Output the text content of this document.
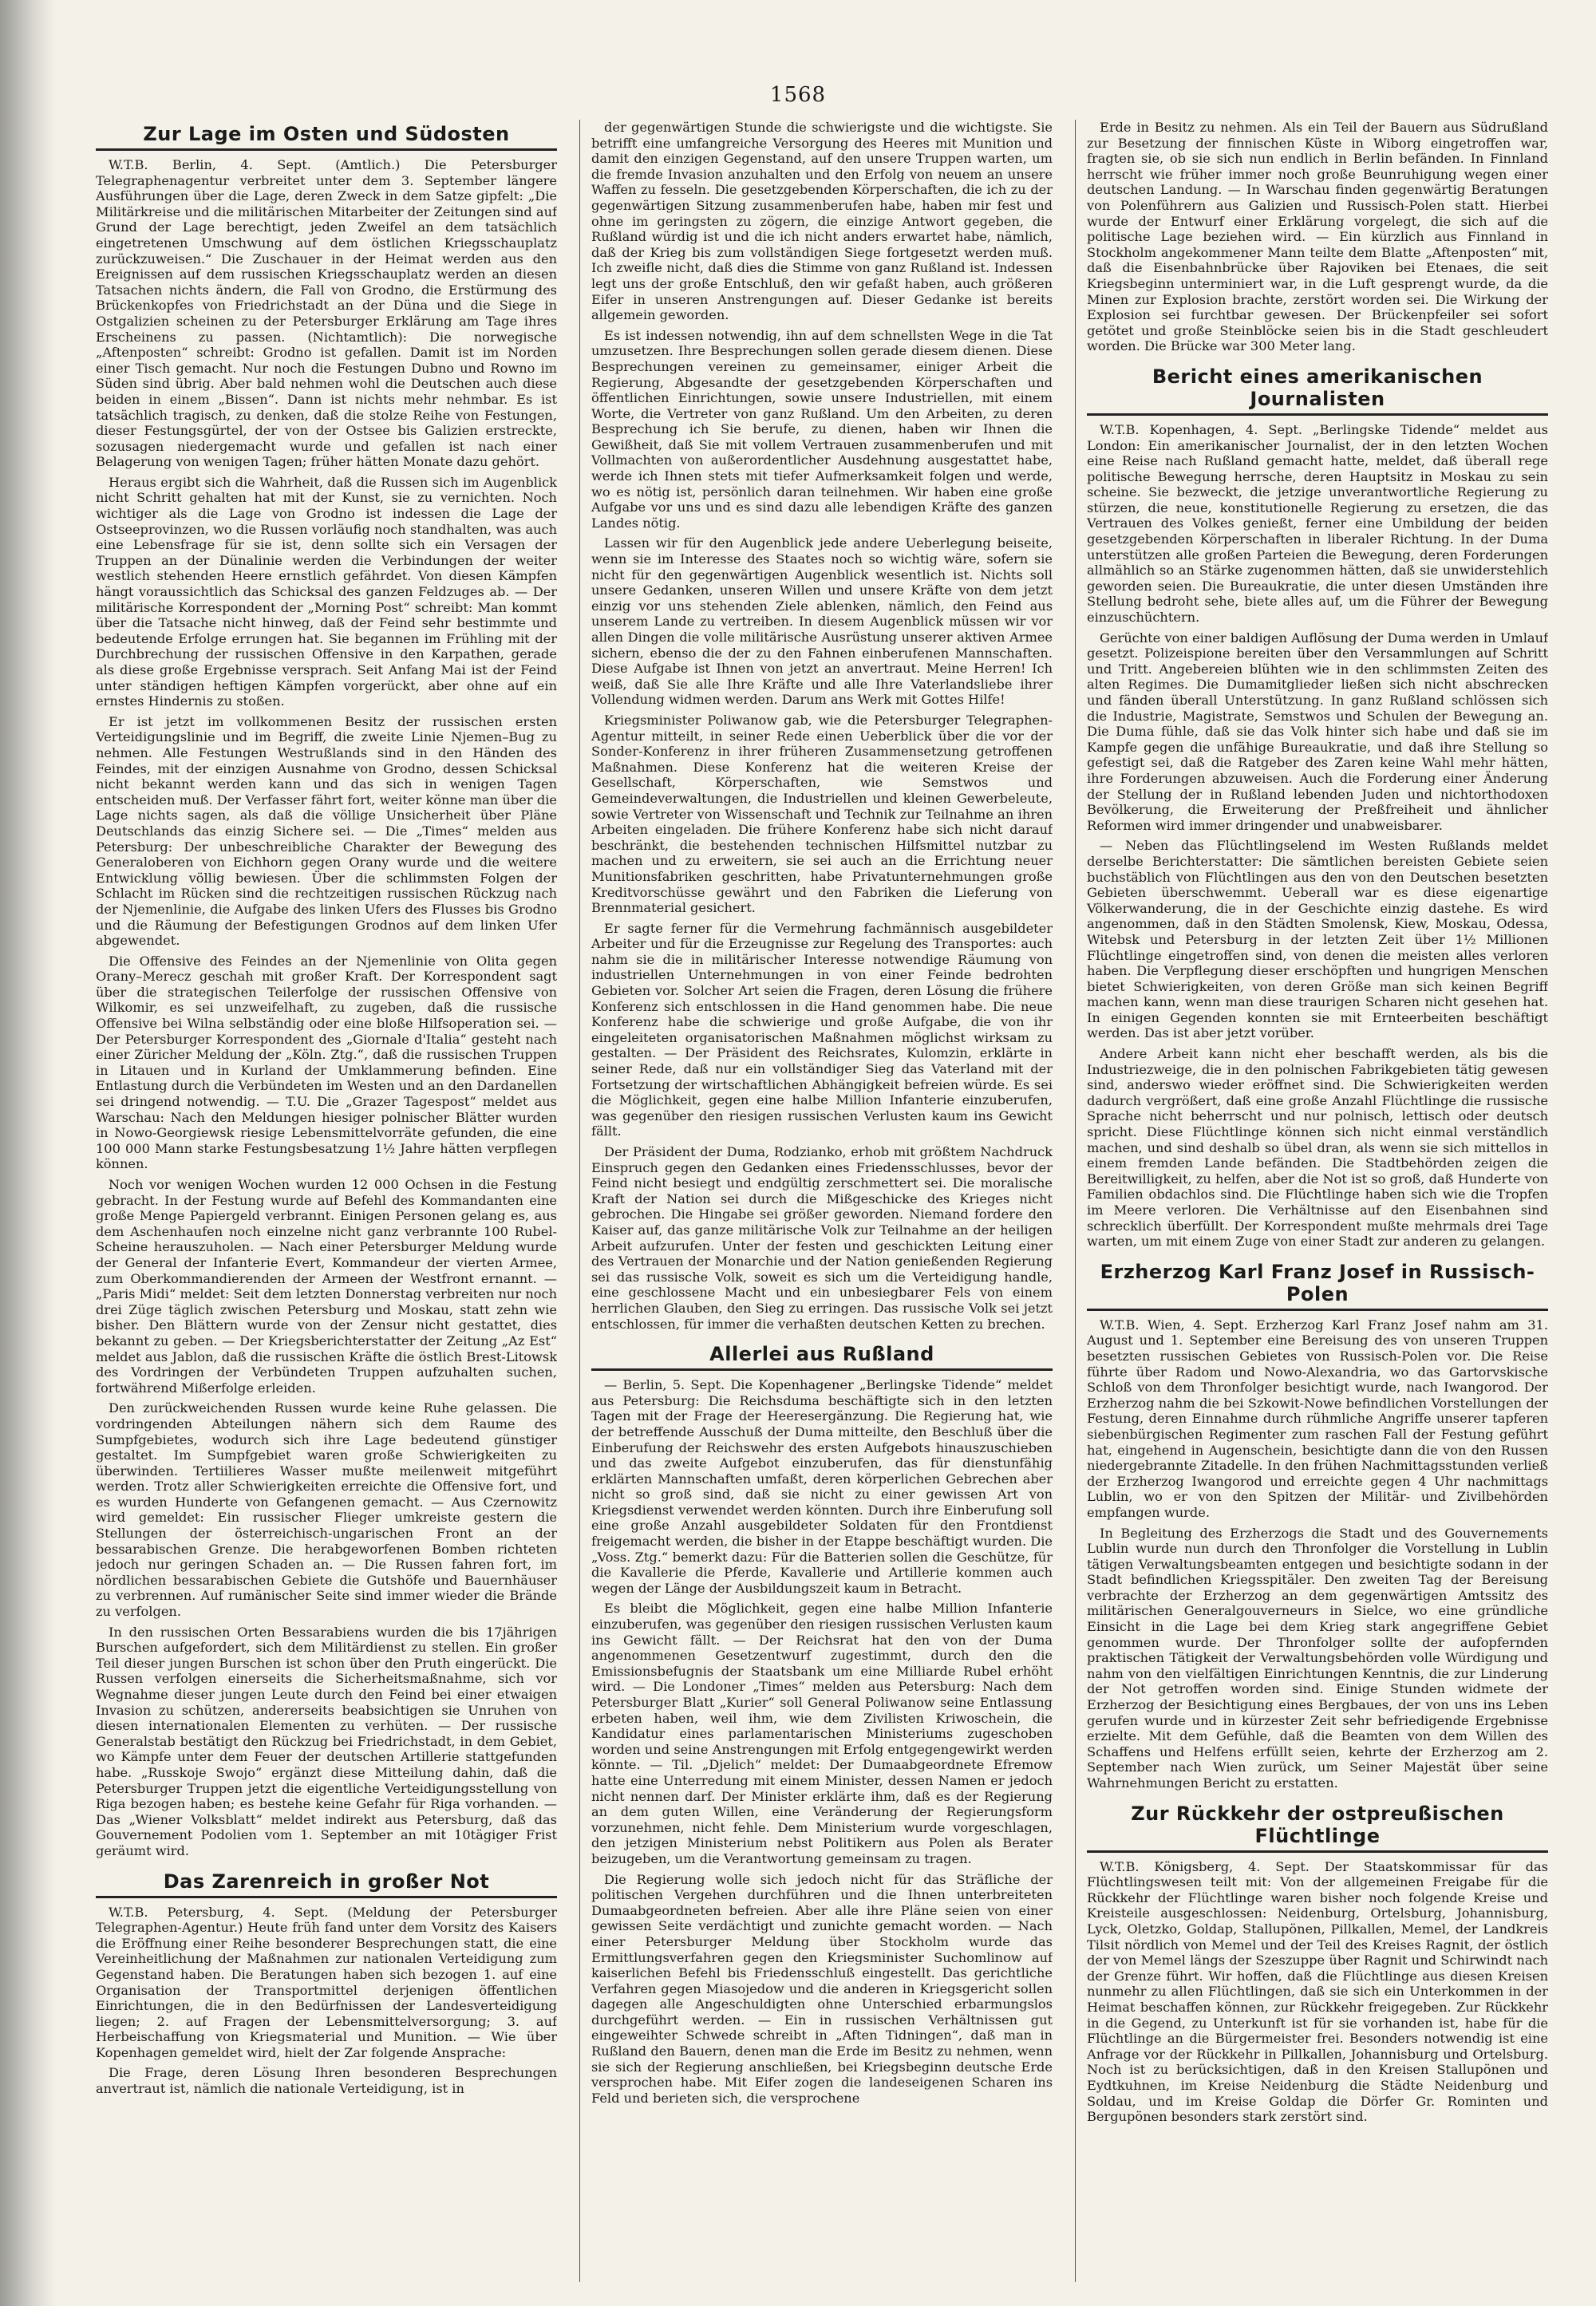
1568
Zur Lage im Osten und Südosten

W.T.B. Berlin, 4. Sept. (Amtlich.) Die Petersburger Telegraphenagentur verbreitet unter dem 3. September längere Ausführungen über die Lage, deren Zweck in dem Satze gipfelt: „Die Militärkreise und die militärischen Mitarbeiter der Zeitungen sind auf Grund der Lage berechtigt, jeden Zweifel an dem tatsächlich eingetretenen Umschwung auf dem östlichen Kriegsschauplatz zurückzuweisen.“ Die Zuschauer in der Heimat werden aus den Ereignissen auf dem russischen Kriegsschauplatz werden an diesen Tatsachen nichts ändern, die Fall von Grodno, die Erstürmung des Brückenkopfes von Friedrichstadt an der Düna und die Siege in Ostgalizien scheinen zu der Petersburger Erklärung am Tage ihres Erscheinens zu passen. (Nichtamtlich): Die norwegische „Aftenposten“ schreibt: Grodno ist gefallen. Damit ist im Norden einer Tisch gemacht. Nur noch die Festungen Dubno und Rowno im Süden sind übrig. Aber bald nehmen wohl die Deutschen auch diese beiden in einem „Bissen“. Dann ist nichts mehr nehmbar. Es ist tatsächlich tragisch, zu denken, daß die stolze Reihe von Festungen, dieser Festungsgürtel, der von der Ostsee bis Galizien erstreckte, sozusagen niedergemacht wurde und gefallen ist nach einer Belagerung von wenigen Tagen; früher hätten Monate dazu gehört.

Heraus ergibt sich die Wahrheit, daß die Russen sich im Augenblick nicht Schritt gehalten hat mit der Kunst, sie zu vernichten. Noch wichtiger als die Lage von Grodno ist indessen die Lage der Ostseeprovinzen, wo die Russen vorläufig noch standhalten, was auch eine Lebensfrage für sie ist, denn sollte sich ein Versagen der Truppen an der Dünalinie werden die Verbindungen der weiter westlich stehenden Heere ernstlich gefährdet. Von diesen Kämpfen hängt voraussichtlich das Schicksal des ganzen Feldzuges ab. — Der militärische Korrespondent der „Morning Post“ schreibt: Man kommt über die Tatsache nicht hinweg, daß der Feind sehr bestimmte und bedeutende Erfolge errungen hat. Sie begannen im Frühling mit der Durchbrechung der russischen Offensive in den Karpathen, gerade als diese große Ergebnisse versprach. Seit Anfang Mai ist der Feind unter ständigen heftigen Kämpfen vorgerückt, aber ohne auf ein ernstes Hindernis zu stoßen.

Er ist jetzt im vollkommenen Besitz der russischen ersten Verteidigungslinie und im Begriff, die zweite Linie Njemen–Bug zu nehmen. Alle Festungen Westrußlands sind in den Händen des Feindes, mit der einzigen Ausnahme von Grodno, dessen Schicksal nicht bekannt werden kann und das sich in wenigen Tagen entscheiden muß. Der Verfasser fährt fort, weiter könne man über die Lage nichts sagen, als daß die völlige Unsicherheit über Pläne Deutschlands das einzig Sichere sei. — Die „Times“ melden aus Petersburg: Der unbeschreibliche Charakter der Bewegung des Generaloberen von Eichhorn gegen Orany wurde und die weitere Entwicklung völlig bewiesen. Über die schlimmsten Folgen der Schlacht im Rücken sind die rechtzeitigen russischen Rückzug nach der Njemenlinie, die Aufgabe des linken Ufers des Flusses bis Grodno und die Räumung der Befestigungen Grodnos auf dem linken Ufer abgewendet.

Die Offensive des Feindes an der Njemenlinie von Olita gegen Orany–Merecz geschah mit großer Kraft. Der Korrespondent sagt über die strategischen Teilerfolge der russischen Offensive von Wilkomir, es sei unzweifelhaft, zu zugeben, daß die russische Offensive bei Wilna selbständig oder eine bloße Hilfsoperation sei. — Der Petersburger Korrespondent des „Giornale d'Italia“ gesteht nach einer Züricher Meldung der „Köln. Ztg.“, daß die russischen Truppen in Litauen und in Kurland der Umklammerung befinden. Eine Entlastung durch die Verbündeten im Westen und an den Dardanellen sei dringend notwendig. — T.U. Die „Grazer Tagespost“ meldet aus Warschau: Nach den Meldungen hiesiger polnischer Blätter wurden in Nowo-Georgiewsk riesige Lebensmittelvorräte gefunden, die eine 100 000 Mann starke Festungsbesatzung 1½ Jahre hätten verpflegen können.

Noch vor wenigen Wochen wurden 12 000 Ochsen in die Festung gebracht. In der Festung wurde auf Befehl des Kommandanten eine große Menge Papiergeld verbrannt. Einigen Personen gelang es, aus dem Aschenhaufen noch einzelne nicht ganz verbrannte 100 Rubel-Scheine herauszuholen. — Nach einer Petersburger Meldung wurde der General der Infanterie Evert, Kommandeur der vierten Armee, zum Oberkommandierenden der Armeen der Westfront ernannt. — „Paris Midi“ meldet: Seit dem letzten Donnerstag verbreiten nur noch drei Züge täglich zwischen Petersburg und Moskau, statt zehn wie bisher. Den Blättern wurde von der Zensur nicht gestattet, dies bekannt zu geben. — Der Kriegsberichterstatter der Zeitung „Az Est“ meldet aus Jablon, daß die russischen Kräfte die östlich Brest-Litowsk des Vordringen der Verbündeten Truppen aufzuhalten suchen, fortwährend Mißerfolge erleiden.

Den zurückweichenden Russen wurde keine Ruhe gelassen. Die vordringenden Abteilungen nähern sich dem Raume des Sumpfgebietes, wodurch sich ihre Lage bedeutend günstiger gestaltet. Im Sumpfgebiet waren große Schwierigkeiten zu überwinden. Tertiilieres Wasser mußte meilenweit mitgeführt werden. Trotz aller Schwierigkeiten erreichte die Offensive fort, und es wurden Hunderte von Gefangenen gemacht. — Aus Czernowitz wird gemeldet: Ein russischer Flieger umkreiste gestern die Stellungen der österreichisch-ungarischen Front an der bessarabischen Grenze. Die herabgeworfenen Bomben richteten jedoch nur geringen Schaden an. — Die Russen fahren fort, im nördlichen bessarabischen Gebiete die Gutshöfe und Bauernhäuser zu verbrennen. Auf rumänischer Seite sind immer wieder die Brände zu verfolgen.

In den russischen Orten Bessarabiens wurden die bis 17jährigen Burschen aufgefordert, sich dem Militärdienst zu stellen. Ein großer Teil dieser jungen Burschen ist schon über den Pruth eingerückt. Die Russen verfolgen einerseits die Sicherheitsmaßnahme, sich vor Wegnahme dieser jungen Leute durch den Feind bei einer etwaigen Invasion zu schützen, andererseits beabsichtigen sie Unruhen von diesen internationalen Elementen zu verhüten. — Der russische Generalstab bestätigt den Rückzug bei Friedrichstadt, in dem Gebiet, wo Kämpfe unter dem Feuer der deutschen Artillerie stattgefunden habe. „Russkoje Swojo“ ergänzt diese Mitteilung dahin, daß die Petersburger Truppen jetzt die eigentliche Verteidigungsstellung von Riga bezogen haben; es bestehe keine Gefahr für Riga vorhanden. — Das „Wiener Volksblatt“ meldet indirekt aus Petersburg, daß das Gouvernement Podolien vom 1. September an mit 10tägiger Frist geräumt wird.

Das Zarenreich in großer Not

W.T.B. Petersburg, 4. Sept. (Meldung der Petersburger Telegraphen-Agentur.) Heute früh fand unter dem Vorsitz des Kaisers die Eröffnung einer Reihe besonderer Besprechungen statt, die eine Vereinheitlichung der Maßnahmen zur nationalen Verteidigung zum Gegenstand haben. Die Beratungen haben sich bezogen 1. auf eine Organisation der Transportmittel derjenigen öffentlichen Einrichtungen, die in den Bedürfnissen der Landesverteidigung liegen; 2. auf Fragen der Lebensmittelversorgung; 3. auf Herbeischaffung von Kriegsmaterial und Munition. — Wie über Kopenhagen gemeldet wird, hielt der Zar folgende Ansprache:

Die Frage, deren Lösung Ihren besonderen Besprechungen anvertraut ist, nämlich die nationale Verteidigung, ist in

der gegenwärtigen Stunde die schwierigste und die wichtigste. Sie betrifft eine umfangreiche Versorgung des Heeres mit Munition und damit den einzigen Gegenstand, auf den unsere Truppen warten, um die fremde Invasion anzuhalten und den Erfolg von neuem an unsere Waffen zu fesseln. Die gesetzgebenden Körperschaften, die ich zu der gegenwärtigen Sitzung zusammenberufen habe, haben mir fest und ohne im geringsten zu zögern, die einzige Antwort gegeben, die Rußland würdig ist und die ich nicht anders erwartet habe, nämlich, daß der Krieg bis zum vollständigen Siege fortgesetzt werden muß. Ich zweifle nicht, daß dies die Stimme von ganz Rußland ist. Indessen legt uns der große Entschluß, den wir gefaßt haben, auch größeren Eifer in unseren Anstrengungen auf. Dieser Gedanke ist bereits allgemein geworden.

Es ist indessen notwendig, ihn auf dem schnellsten Wege in die Tat umzusetzen. Ihre Besprechungen sollen gerade diesem dienen. Diese Besprechungen vereinen zu gemeinsamer, einiger Arbeit die Regierung, Abgesandte der gesetzgebenden Körperschaften und öffentlichen Einrichtungen, sowie unsere Industriellen, mit einem Worte, die Vertreter von ganz Rußland. Um den Arbeiten, zu deren Besprechung ich Sie berufe, zu dienen, haben wir Ihnen die Gewißheit, daß Sie mit vollem Vertrauen zusammenberufen und mit Vollmachten von außerordentlicher Ausdehnung ausgestattet habe, werde ich Ihnen stets mit tiefer Aufmerksamkeit folgen und werde, wo es nötig ist, persönlich daran teilnehmen. Wir haben eine große Aufgabe vor uns und es sind dazu alle lebendigen Kräfte des ganzen Landes nötig.

Lassen wir für den Augenblick jede andere Ueberlegung beiseite, wenn sie im Interesse des Staates noch so wichtig wäre, sofern sie nicht für den gegenwärtigen Augenblick wesentlich ist. Nichts soll unsere Gedanken, unseren Willen und unsere Kräfte von dem jetzt einzig vor uns stehenden Ziele ablenken, nämlich, den Feind aus unserem Lande zu vertreiben. In diesem Augenblick müssen wir vor allen Dingen die volle militärische Ausrüstung unserer aktiven Armee sichern, ebenso die der zu den Fahnen einberufenen Mannschaften. Diese Aufgabe ist Ihnen von jetzt an anvertraut. Meine Herren! Ich weiß, daß Sie alle Ihre Kräfte und alle Ihre Vaterlandsliebe ihrer Vollendung widmen werden. Darum ans Werk mit Gottes Hilfe!

Kriegsminister Poliwanow gab, wie die Petersburger Telegraphen-Agentur mitteilt, in seiner Rede einen Ueberblick über die vor der Sonder-Konferenz in ihrer früheren Zusammensetzung getroffenen Maßnahmen. Diese Konferenz hat die weiteren Kreise der Gesellschaft, Körperschaften, wie Semstwos und Gemeindeverwaltungen, die Industriellen und kleinen Gewerbeleute, sowie Vertreter von Wissenschaft und Technik zur Teilnahme an ihren Arbeiten eingeladen. Die frühere Konferenz habe sich nicht darauf beschränkt, die bestehenden technischen Hilfsmittel nutzbar zu machen und zu erweitern, sie sei auch an die Errichtung neuer Munitionsfabriken geschritten, habe Privatunternehmungen große Kreditvorschüsse gewährt und den Fabriken die Lieferung von Brennmaterial gesichert.

Er sagte ferner für die Vermehrung fachmännisch ausgebildeter Arbeiter und für die Erzeugnisse zur Regelung des Transportes: auch nahm sie die in militärischer Interesse notwendige Räumung von industriellen Unternehmungen in von einer Feinde bedrohten Gebieten vor. Solcher Art seien die Fragen, deren Lösung die frühere Konferenz sich entschlossen in die Hand genommen habe. Die neue Konferenz habe die schwierige und große Aufgabe, die von ihr eingeleiteten organisatorischen Maßnahmen möglichst wirksam zu gestalten. — Der Präsident des Reichsrates, Kulomzin, erklärte in seiner Rede, daß nur ein vollständiger Sieg das Vaterland mit der Fortsetzung der wirtschaftlichen Abhängigkeit befreien würde. Es sei die Möglichkeit, gegen eine halbe Million Infanterie einzuberufen, was gegenüber den riesigen russischen Verlusten kaum ins Gewicht fällt.

Der Präsident der Duma, Rodzianko, erhob mit größtem Nachdruck Einspruch gegen den Gedanken eines Friedensschlusses, bevor der Feind nicht besiegt und endgültig zerschmettert sei. Die moralische Kraft der Nation sei durch die Mißgeschicke des Krieges nicht gebrochen. Die Hingabe sei größer geworden. Niemand fordere den Kaiser auf, das ganze militärische Volk zur Teilnahme an der heiligen Arbeit aufzurufen. Unter der festen und geschickten Leitung einer des Vertrauen der Monarchie und der Nation genießenden Regierung sei das russische Volk, soweit es sich um die Verteidigung handle, eine geschlossene Macht und ein unbesiegbarer Fels von einem herrlichen Glauben, den Sieg zu erringen. Das russische Volk sei jetzt entschlossen, für immer die verhaßten deutschen Ketten zu brechen.

Allerlei aus Rußland

— Berlin, 5. Sept. Die Kopenhagener „Berlingske Tidende“ meldet aus Petersburg: Die Reichsduma beschäftigte sich in den letzten Tagen mit der Frage der Heeresergänzung. Die Regierung hat, wie der betreffende Ausschuß der Duma mitteilte, den Beschluß über die Einberufung der Reichswehr des ersten Aufgebots hinauszuschieben und das zweite Aufgebot einzuberufen, das für dienstunfähig erklärten Mannschaften umfaßt, deren körperlichen Gebrechen aber nicht so groß sind, daß sie nicht zu einer gewissen Art von Kriegsdienst verwendet werden könnten. Durch ihre Einberufung soll eine große Anzahl ausgebildeter Soldaten für den Frontdienst freigemacht werden, die bisher in der Etappe beschäftigt wurden. Die „Voss. Ztg.“ bemerkt dazu: Für die Batterien sollen die Geschütze, für die Kavallerie die Pferde, Kavallerie und Artillerie kommen auch wegen der Länge der Ausbildungszeit kaum in Betracht.

Es bleibt die Möglichkeit, gegen eine halbe Million Infanterie einzuberufen, was gegenüber den riesigen russischen Verlusten kaum ins Gewicht fällt. — Der Reichsrat hat den von der Duma angenommenen Gesetzentwurf zugestimmt, durch den die Emissionsbefugnis der Staatsbank um eine Milliarde Rubel erhöht wird. — Die Londoner „Times“ melden aus Petersburg: Nach dem Petersburger Blatt „Kurier“ soll General Poliwanow seine Entlassung erbeten haben, weil ihm, wie dem Zivilisten Kriwoschein, die Kandidatur eines parlamentarischen Ministeriums zugeschoben worden und seine Anstrengungen mit Erfolg entgegengewirkt werden könnte. — Til. „Djelich“ meldet: Der Dumaabgeordnete Efremow hatte eine Unterredung mit einem Minister, dessen Namen er jedoch nicht nennen darf. Der Minister erklärte ihm, daß es der Regierung an dem guten Willen, eine Veränderung der Regierungsform vorzunehmen, nicht fehle. Dem Ministerium wurde vorgeschlagen, den jetzigen Ministerium nebst Politikern aus Polen als Berater beizugeben, um die Verantwortung gemeinsam zu tragen.

Die Regierung wolle sich jedoch nicht für das Sträfliche der politischen Vergehen durchführen und die Ihnen unterbreiteten Dumaabgeordneten befreien. Aber alle ihre Pläne seien von einer gewissen Seite verdächtigt und zunichte gemacht worden. — Nach einer Petersburger Meldung über Stockholm wurde das Ermittlungsverfahren gegen den Kriegsminister Suchomlinow auf kaiserlichen Befehl bis Friedensschluß eingestellt. Das gerichtliche Verfahren gegen Miasojedow und die anderen in Kriegsgericht sollen dagegen alle Angeschuldigten ohne Unterschied erbarmungslos durchgeführt werden. — Ein in russischen Verhältnissen gut eingeweihter Schwede schreibt in „Aften Tidningen“, daß man in Rußland den Bauern, denen man die Erde im Besitz zu nehmen, wenn sie sich der Regierung anschließen, bei Kriegsbeginn deutsche Erde versprochen habe. Mit Eifer zogen die landeseigenen Scharen ins Feld und berieten sich, die versprochene

Erde in Besitz zu nehmen. Als ein Teil der Bauern aus Südrußland zur Besetzung der finnischen Küste in Wiborg eingetroffen war, fragten sie, ob sie sich nun endlich in Berlin befänden. In Finnland herrscht wie früher immer noch große Beunruhigung wegen einer deutschen Landung. — In Warschau finden gegenwärtig Beratungen von Polenführern aus Galizien und Russisch-Polen statt. Hierbei wurde der Entwurf einer Erklärung vorgelegt, die sich auf die politische Lage beziehen wird. — Ein kürzlich aus Finnland in Stockholm angekommener Mann teilte dem Blatte „Aftenposten“ mit, daß die Eisenbahnbrücke über Rajoviken bei Etenaes, die seit Kriegsbeginn unterminiert war, in die Luft gesprengt wurde, da die Minen zur Explosion brachte, zerstört worden sei. Die Wirkung der Explosion sei furchtbar gewesen. Der Brückenpfeiler sei sofort getötet und große Steinblöcke seien bis in die Stadt geschleudert worden. Die Brücke war 300 Meter lang.

Bericht eines amerikanischen Journalisten

W.T.B. Kopenhagen, 4. Sept. „Berlingske Tidende“ meldet aus London: Ein amerikanischer Journalist, der in den letzten Wochen eine Reise nach Rußland gemacht hatte, meldet, daß überall rege politische Bewegung herrsche, deren Hauptsitz in Moskau zu sein scheine. Sie bezweckt, die jetzige unverantwortliche Regierung zu stürzen, die neue, konstitutionelle Regierung zu ersetzen, die das Vertrauen des Volkes genießt, ferner eine Umbildung der beiden gesetzgebenden Körperschaften in liberaler Richtung. In der Duma unterstützen alle großen Parteien die Bewegung, deren Forderungen allmählich so an Stärke zugenommen hätten, daß sie unwiderstehlich geworden seien. Die Bureaukratie, die unter diesen Umständen ihre Stellung bedroht sehe, biete alles auf, um die Führer der Bewegung einzuschüchtern.

Gerüchte von einer baldigen Auflösung der Duma werden in Umlauf gesetzt. Polizeispione bereiten über den Versammlungen auf Schritt und Tritt. Angebereien blühten wie in den schlimmsten Zeiten des alten Regimes. Die Dumamitglieder ließen sich nicht abschrecken und fänden überall Unterstützung. In ganz Rußland schlössen sich die Industrie, Magistrate, Semstwos und Schulen der Bewegung an. Die Duma fühle, daß sie das Volk hinter sich habe und daß sie im Kampfe gegen die unfähige Bureaukratie, und daß ihre Stellung so gefestigt sei, daß die Ratgeber des Zaren keine Wahl mehr hätten, ihre Forderungen abzuweisen. Auch die Forderung einer Änderung der Stellung der in Rußland lebenden Juden und nichtorthodoxen Bevölkerung, die Erweiterung der Preßfreiheit und ähnlicher Reformen wird immer dringender und unabweisbarer.

— Neben das Flüchtlingselend im Westen Rußlands meldet derselbe Berichterstatter: Die sämtlichen bereisten Gebiete seien buchstäblich von Flüchtlingen aus den von den Deutschen besetzten Gebieten überschwemmt. Ueberall war es diese eigenartige Völkerwanderung, die in der Geschichte einzig dastehe. Es wird angenommen, daß in den Städten Smolensk, Kiew, Moskau, Odessa, Witebsk und Petersburg in der letzten Zeit über 1½ Millionen Flüchtlinge eingetroffen sind, von denen die meisten alles verloren haben. Die Verpflegung dieser erschöpften und hungrigen Menschen bietet Schwierigkeiten, von deren Größe man sich keinen Begriff machen kann, wenn man diese traurigen Scharen nicht gesehen hat. In einigen Gegenden konnten sie mit Ernteerbeiten beschäftigt werden. Das ist aber jetzt vorüber.

Andere Arbeit kann nicht eher beschafft werden, als bis die Industriezweige, die in den polnischen Fabrikgebieten tätig gewesen sind, anderswo wieder eröffnet sind. Die Schwierigkeiten werden dadurch vergrößert, daß eine große Anzahl Flüchtlinge die russische Sprache nicht beherrscht und nur polnisch, lettisch oder deutsch spricht. Diese Flüchtlinge können sich nicht einmal verständlich machen, und sind deshalb so übel dran, als wenn sie sich mittellos in einem fremden Lande befänden. Die Stadtbehörden zeigen die Bereitwilligkeit, zu helfen, aber die Not ist so groß, daß Hunderte von Familien obdachlos sind. Die Flüchtlinge haben sich wie die Tropfen im Meere verloren. Die Verhältnisse auf den Eisenbahnen sind schrecklich überfüllt. Der Korrespondent mußte mehrmals drei Tage warten, um mit einem Zuge von einer Stadt zur anderen zu gelangen.

Erzherzog Karl Franz Josef in Russisch-Polen

W.T.B. Wien, 4. Sept. Erzherzog Karl Franz Josef nahm am 31. August und 1. September eine Bereisung des von unseren Truppen besetzten russischen Gebietes von Russisch-Polen vor. Die Reise führte über Radom und Nowo-Alexandria, wo das Gartorvskische Schloß von dem Thronfolger besichtigt wurde, nach Iwangorod. Der Erzherzog nahm die bei Szkowit-Nowe befindlichen Vorstellungen der Festung, deren Einnahme durch rühmliche Angriffe unserer tapferen siebenbürgischen Regimenter zum raschen Fall der Festung geführt hat, eingehend in Augenschein, besichtigte dann die von den Russen niedergebrannte Zitadelle. In den frühen Nachmittagsstunden verließ der Erzherzog Iwangorod und erreichte gegen 4 Uhr nachmittags Lublin, wo er von den Spitzen der Militär- und Zivilbehörden empfangen wurde.

In Begleitung des Erzherzogs die Stadt und des Gouvernements Lublin wurde nun durch den Thronfolger die Vorstellung in Lublin tätigen Verwaltungsbeamten entgegen und besichtigte sodann in der Stadt befindlichen Kriegsspitäler. Den zweiten Tag der Bereisung verbrachte der Erzherzog an dem gegenwärtigen Amtssitz des militärischen Generalgouverneurs in Sielce, wo eine gründliche Einsicht in die Lage bei dem Krieg stark angegriffene Gebiet genommen wurde. Der Thronfolger sollte der aufopfernden praktischen Tätigkeit der Verwaltungsbehörden volle Würdigung und nahm von den vielfältigen Einrichtungen Kenntnis, die zur Linderung der Not getroffen worden sind. Einige Stunden widmete der Erzherzog der Besichtigung eines Bergbaues, der von uns ins Leben gerufen wurde und in kürzester Zeit sehr befriedigende Ergebnisse erzielte. Mit dem Gefühle, daß die Beamten von dem Willen des Schaffens und Helfens erfüllt seien, kehrte der Erzherzog am 2. September nach Wien zurück, um Seiner Majestät über seine Wahrnehmungen Bericht zu erstatten.

Zur Rückkehr der ostpreußischen Flüchtlinge

W.T.B. Königsberg, 4. Sept. Der Staatskommissar für das Flüchtlingswesen teilt mit: Von der allgemeinen Freigabe für die Rückkehr der Flüchtlinge waren bisher noch folgende Kreise und Kreisteile ausgeschlossen: Neidenburg, Ortelsburg, Johannisburg, Lyck, Oletzko, Goldap, Stallupönen, Pillkallen, Memel, der Landkreis Tilsit nördlich von Memel und der Teil des Kreises Ragnit, der östlich der von Memel längs der Szeszuppe über Ragnit und Schirwindt nach der Grenze führt. Wir hoffen, daß die Flüchtlinge aus diesen Kreisen nunmehr zu allen Flüchtlingen, daß sie sich ein Unterkommen in der Heimat beschaffen können, zur Rückkehr freigegeben. Zur Rückkehr in die Gegend, zu Unterkunft ist für sie vorhanden ist, habe für die Flüchtlinge an die Bürgermeister frei. Besonders notwendig ist eine Anfrage vor der Rückkehr in Pillkallen, Johannisburg und Ortelsburg. Noch ist zu berücksichtigen, daß in den Kreisen Stallupönen und Eydtkuhnen, im Kreise Neidenburg die Städte Neidenburg und Soldau, und im Kreise Goldap die Dörfer Gr. Rominten und Bergupönen besonders stark zerstört sind.
